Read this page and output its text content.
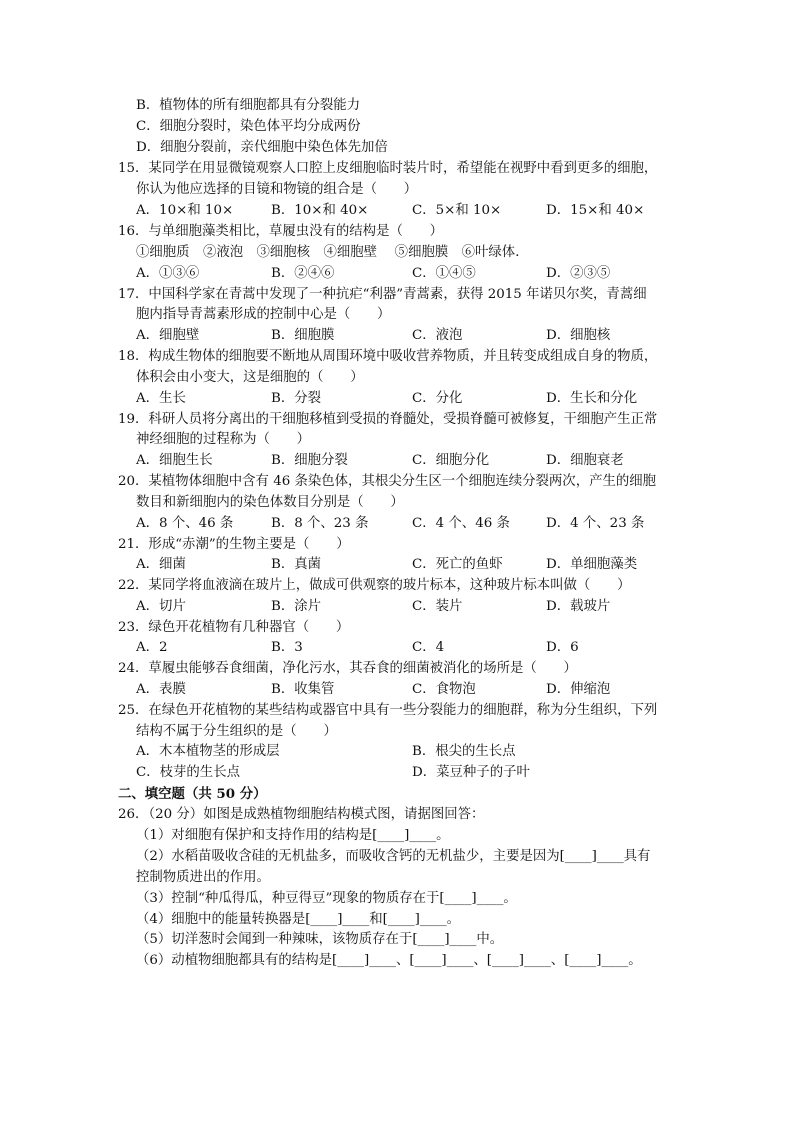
B．植物体的所有细胞都具有分裂能力
C．细胞分裂时，染色体平均分成两份
D．细胞分裂前，亲代细胞中染色体先加倍
15．某同学在用显微镜观察人口腔上皮细胞临时装片时，希望能在视野中看到更多的细胞，
你认为他应选择的目镜和物镜的组合是（　　）
A．10×和 10×	B．10×和 40×	C．5×和 10×	D．15×和 40×
16．与单细胞藻类相比，草履虫没有的结构是（　　）
①细胞质　②液泡　③细胞核　④细胞壁　 ⑤细胞膜　⑥叶绿体．
A．①③⑥	B．②④⑥	C．①④⑤	D．②③⑤
17．中国科学家在青蒿中发现了一种抗疟“利器”青蒿素，获得 2015 年诺贝尔奖，青蒿细
胞内指导青蒿素形成的控制中心是（　　）
A．细胞壁	B．细胞膜	C．液泡	D．细胞核
18．构成生物体的细胞要不断地从周围环境中吸收营养物质，并且转变成组成自身的物质，
体积会由小变大，这是细胞的（　　）
A．生长	B．分裂	C．分化	D．生长和分化
19．科研人员将分离出的干细胞移植到受损的脊髓处，受损脊髓可被修复，干细胞产生正常
神经细胞的过程称为（　　）
A．细胞生长	B．细胞分裂	C．细胞分化	D．细胞衰老
20．某植物体细胞中含有 46 条染色体，其根尖分生区一个细胞连续分裂两次，产生的细胞
数目和新细胞内的染色体数目分别是（　　）
A．8 个、46 条	B．8 个、23 条	C．4 个、46 条	D．4 个、23 条
21．形成“赤潮”的生物主要是（　　）
A．细菌	B．真菌	C．死亡的鱼虾	D．单细胞藻类
22．某同学将血液滴在玻片上，做成可供观察的玻片标本，这种玻片标本叫做（　　）
A．切片	B．涂片	C．装片	D．载玻片
23．绿色开花植物有几种器官（　　）
A．2	B．3	C．4	D．6
24．草履虫能够吞食细菌，净化污水，其吞食的细菌被消化的场所是（　　）
A．表膜	B．收集管	C．食物泡	D．伸缩泡
25．在绿色开花植物的某些结构或器官中具有一些分裂能力的细胞群，称为分生组织，下列
结构不属于分生组织的是（　　）
A．木本植物茎的形成层	B．根尖的生长点
C．枝芽的生长点	D．菜豆种子的子叶
二、填空题（共 50 分）
26．（20 分）如图是成熟植物细胞结构模式图，请据图回答：
（1）对细胞有保护和支持作用的结构是[____]____。
（2）水稻苗吸收含硅的无机盐多，而吸收含钙的无机盐少，主要是因为[____]____具有
控制物质进出的作用。
（3）控制“种瓜得瓜，种豆得豆”现象的物质存在于[____]____。
（4）细胞中的能量转换器是[____]____和[____]____。
（5）切洋葱时会闻到一种辣味，该物质存在于[____]____中。
（6）动植物细胞都具有的结构是[____]____、[____]____、[____]____、[____]____。
